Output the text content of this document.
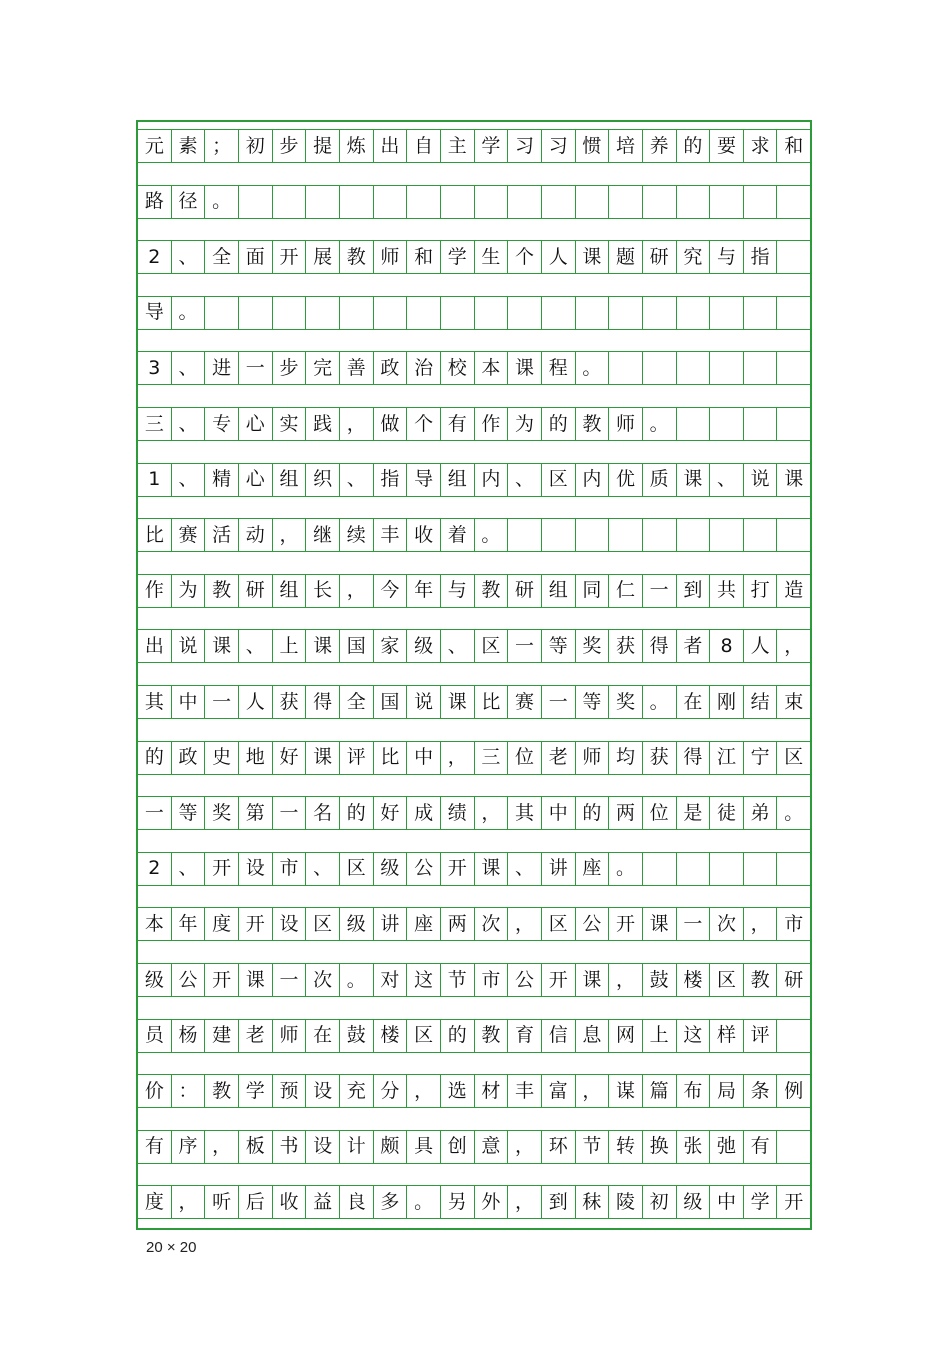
元 素 ； 初 步 提 炼 出 自 主 学 习 习 惯 培 养 的 要 求 和
路 径 。
2 、 全 面 开 展 教 师 和 学 生 个 人 课 题 研 究 与 指
导 。
3 、 进 一 步 完 善 政 治 校 本 课 程 。
三 、 专 心 实 践 ， 做 个 有 作 为 的 教 师 。
1 、 精 心 组 织 、 指 导 组 内 、 区 内 优 质 课 、 说 课
比 赛 活 动 ， 继 续 丰 收 着 。
作 为 教 研 组 长 ， 今 年 与 教 研 组 同 仁 一 到 共 打 造
出 说 课 、 上 课 国 家 级 、 区 一 等 奖 获 得 者 8 人 ，
其 中 一 人 获 得 全 国 说 课 比 赛 一 等 奖 。 在 刚 结 束
的 政 史 地 好 课 评 比 中 ， 三 位 老 师 均 获 得 江 宁 区
一 等 奖 第 一 名 的 好 成 绩 ， 其 中 的 两 位 是 徒 弟 。
2 、 开 设 市 、 区 级 公 开 课 、 讲 座 。
本 年 度 开 设 区 级 讲 座 两 次 ， 区 公 开 课 一 次 ， 市
级 公 开 课 一 次 。 对 这 节 市 公 开 课 ， 鼓 楼 区 教 研
员 杨 建 老 师 在 鼓 楼 区 的 教 育 信 息 网 上 这 样 评
价 ： 教 学 预 设 充 分 ， 选 材 丰 富 ， 谋 篇 布 局 条 例
有 序 ， 板 书 设 计 颇 具 创 意 ， 环 节 转 换 张 弛 有
度 ， 听 后 收 益 良 多 。 另 外 ， 到 秣 陵 初 级 中 学 开
20 × 20
